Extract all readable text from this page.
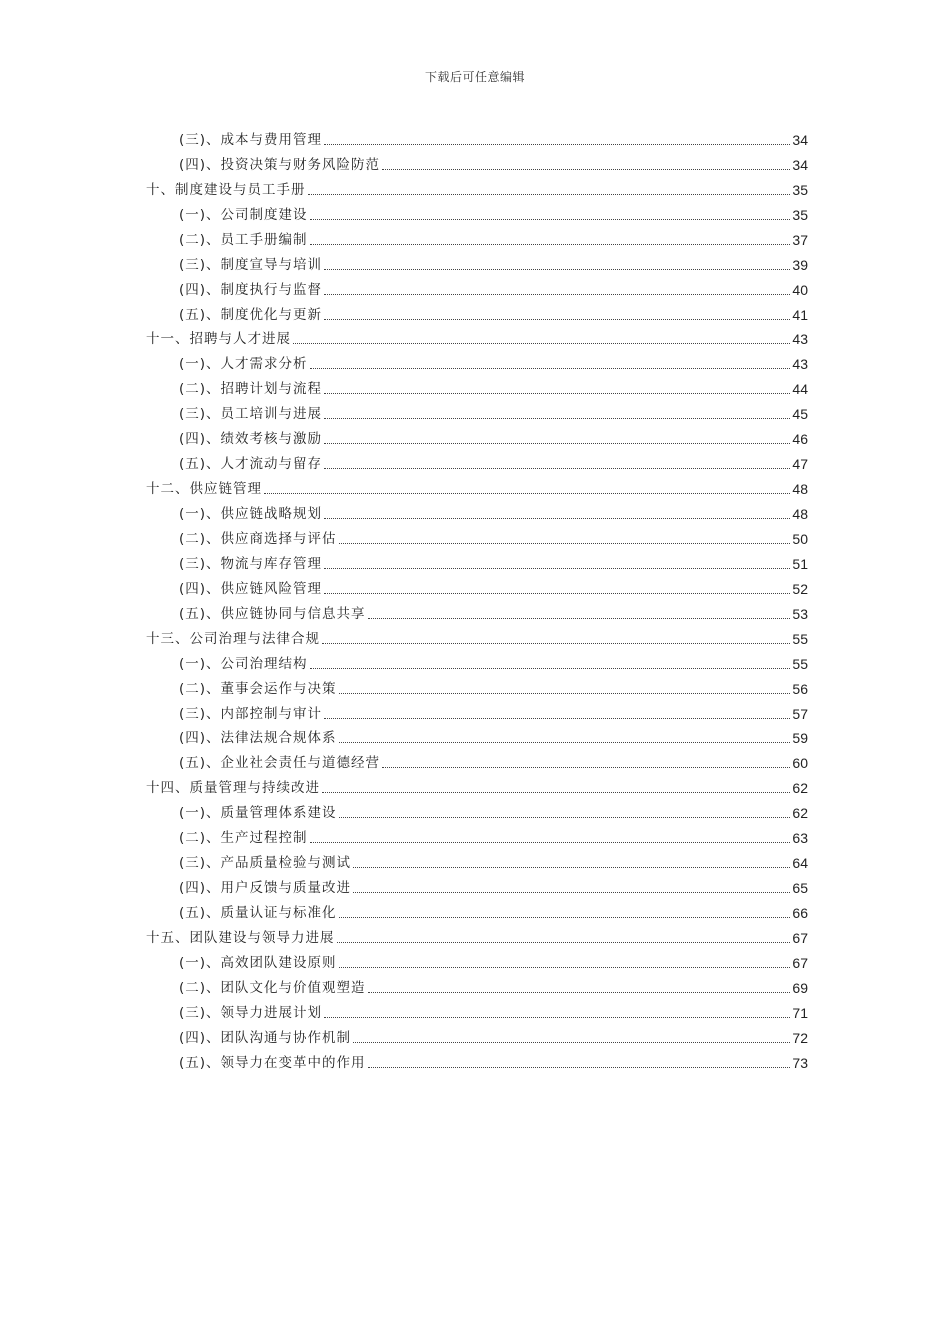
下载后可任意编辑
(三)、成本与费用管理	34
(四)、投资决策与财务风险防范	34
十、制度建设与员工手册	35
(一)、公司制度建设	35
(二)、员工手册编制	37
(三)、制度宣导与培训	39
(四)、制度执行与监督	40
(五)、制度优化与更新	41
十一、招聘与人才进展	43
(一)、人才需求分析	43
(二)、招聘计划与流程	44
(三)、员工培训与进展	45
(四)、绩效考核与激励	46
(五)、人才流动与留存	47
十二、供应链管理	48
(一)、供应链战略规划	48
(二)、供应商选择与评估	50
(三)、物流与库存管理	51
(四)、供应链风险管理	52
(五)、供应链协同与信息共享	53
十三、公司治理与法律合规	55
(一)、公司治理结构	55
(二)、董事会运作与决策	56
(三)、内部控制与审计	57
(四)、法律法规合规体系	59
(五)、企业社会责任与道德经营	60
十四、质量管理与持续改进	62
(一)、质量管理体系建设	62
(二)、生产过程控制	63
(三)、产品质量检验与测试	64
(四)、用户反馈与质量改进	65
(五)、质量认证与标准化	66
十五、团队建设与领导力进展	67
(一)、高效团队建设原则	67
(二)、团队文化与价值观塑造	69
(三)、领导力进展计划	71
(四)、团队沟通与协作机制	72
(五)、领导力在变革中的作用	73
